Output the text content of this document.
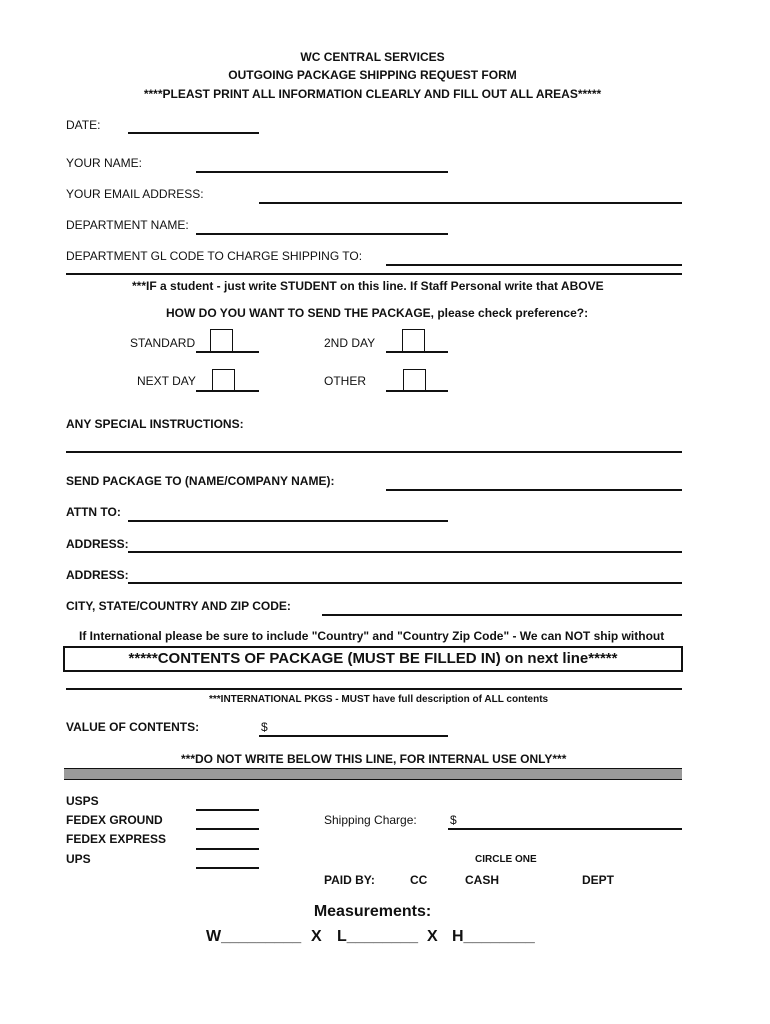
WC CENTRAL SERVICES
OUTGOING PACKAGE SHIPPING REQUEST FORM
****PLEAST PRINT ALL INFORMATION CLEARLY AND FILL OUT ALL AREAS*****
DATE:
YOUR NAME:
YOUR EMAIL ADDRESS:
DEPARTMENT NAME:
DEPARTMENT GL CODE TO CHARGE SHIPPING TO:
***IF a student - just write STUDENT on this line. If Staff Personal write that ABOVE
HOW DO YOU WANT TO SEND THE PACKAGE, please check preference?:
STANDARD	2ND DAY
NEXT DAY	OTHER
ANY SPECIAL INSTRUCTIONS:
SEND PACKAGE TO (NAME/COMPANY NAME):
ATTN TO:
ADDRESS:
ADDRESS:
CITY, STATE/COUNTRY AND ZIP CODE:
If International please be sure to include "Country" and "Country Zip Code" - We can NOT ship without
*****CONTENTS OF PACKAGE (MUST BE FILLED IN) on next line*****
***INTERNATIONAL PKGS - MUST have full description of ALL contents
VALUE OF CONTENTS:	$
***DO NOT WRITE BELOW THIS LINE, FOR INTERNAL USE ONLY***
USPS
FEDEX GROUND
FEDEX EXPRESS
UPS
Shipping Charge:	$
CIRCLE ONE
PAID BY:	CC	CASH	DEPT
Measurements:
W_________ X L________ X H________
